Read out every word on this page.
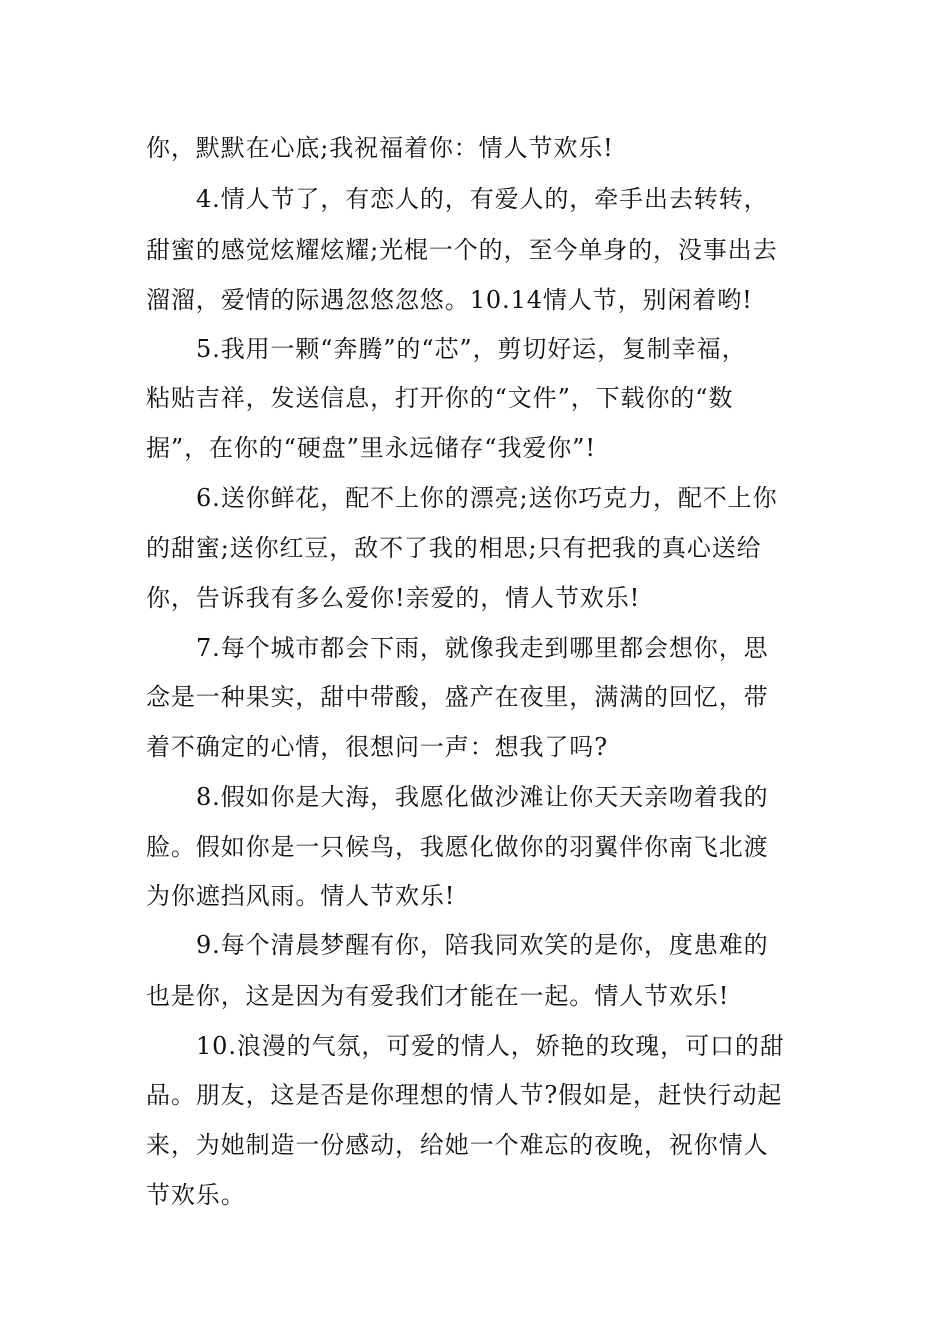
你，默默在心底;我祝福着你：情人节欢乐!
4.情人节了，有恋人的，有爱人的，牵手出去转转，
甜蜜的感觉炫耀炫耀;光棍一个的，至今单身的，没事出去
溜溜，爱情的际遇忽悠忽悠。10.14情人节，别闲着哟!
5.我用一颗“奔腾”的“芯”，剪切好运，复制幸福，
粘贴吉祥，发送信息，打开你的“文件”，下载你的“数
据”，在你的“硬盘”里永远储存“我爱你”!
6.送你鲜花，配不上你的漂亮;送你巧克力，配不上你
的甜蜜;送你红豆，敌不了我的相思;只有把我的真心送给
你，告诉我有多么爱你!亲爱的，情人节欢乐!
7.每个城市都会下雨，就像我走到哪里都会想你，思
念是一种果实，甜中带酸，盛产在夜里，满满的回忆，带
着不确定的心情，很想问一声：想我了吗?
8.假如你是大海，我愿化做沙滩让你天天亲吻着我的
脸。假如你是一只候鸟，我愿化做你的羽翼伴你南飞北渡
为你遮挡风雨。情人节欢乐!
9.每个清晨梦醒有你，陪我同欢笑的是你，度患难的
也是你，这是因为有爱我们才能在一起。情人节欢乐!
10.浪漫的气氛，可爱的情人，娇艳的玫瑰，可口的甜
品。朋友，这是否是你理想的情人节?假如是，赶快行动起
来，为她制造一份感动，给她一个难忘的夜晚，祝你情人
节欢乐。
